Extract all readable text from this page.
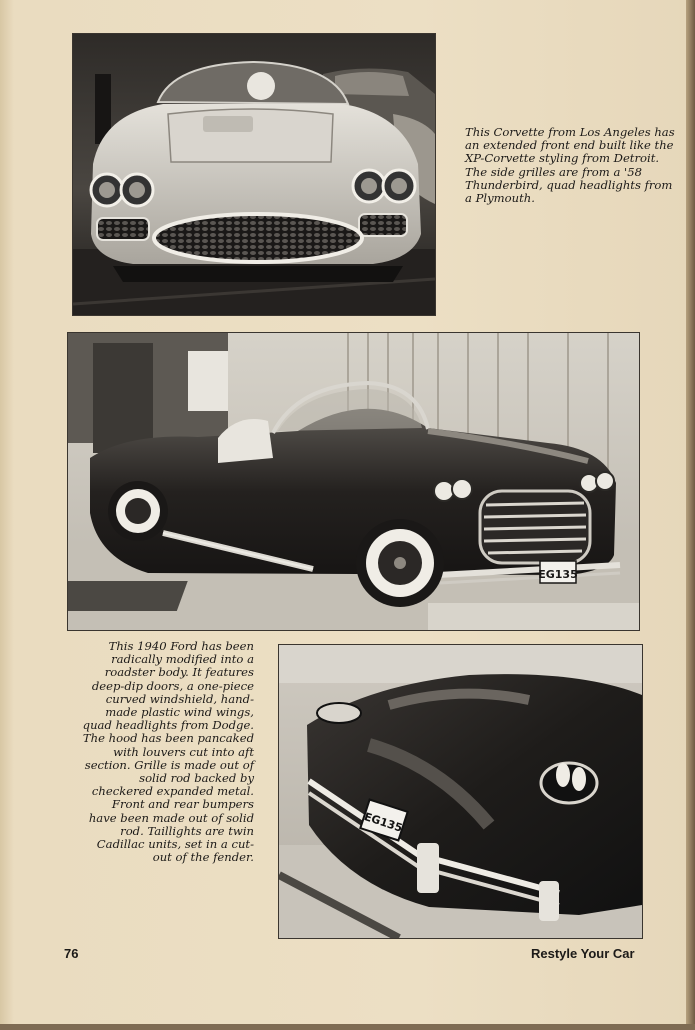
This Corvette from Los Angeles has an extended front end built like the XP-Corvette styling from Detroit. The side grilles are from a '58 Thunderbird, quad headlights from a Plymouth.

EG135
EG135

This 1940 Ford has been radically modified into a roadster body. It features deep-dip doors, a one-piece curved windshield, hand-made plastic wind wings, quad headlights from Dodge. The hood has been pancaked with louvers cut into aft section. Grille is made out of solid rod backed by checkered expanded metal. Front and rear bumpers have been made out of solid rod. Taillights are twin Cadillac units, set in a cut-out of the fender.

76	Restyle Your Car
